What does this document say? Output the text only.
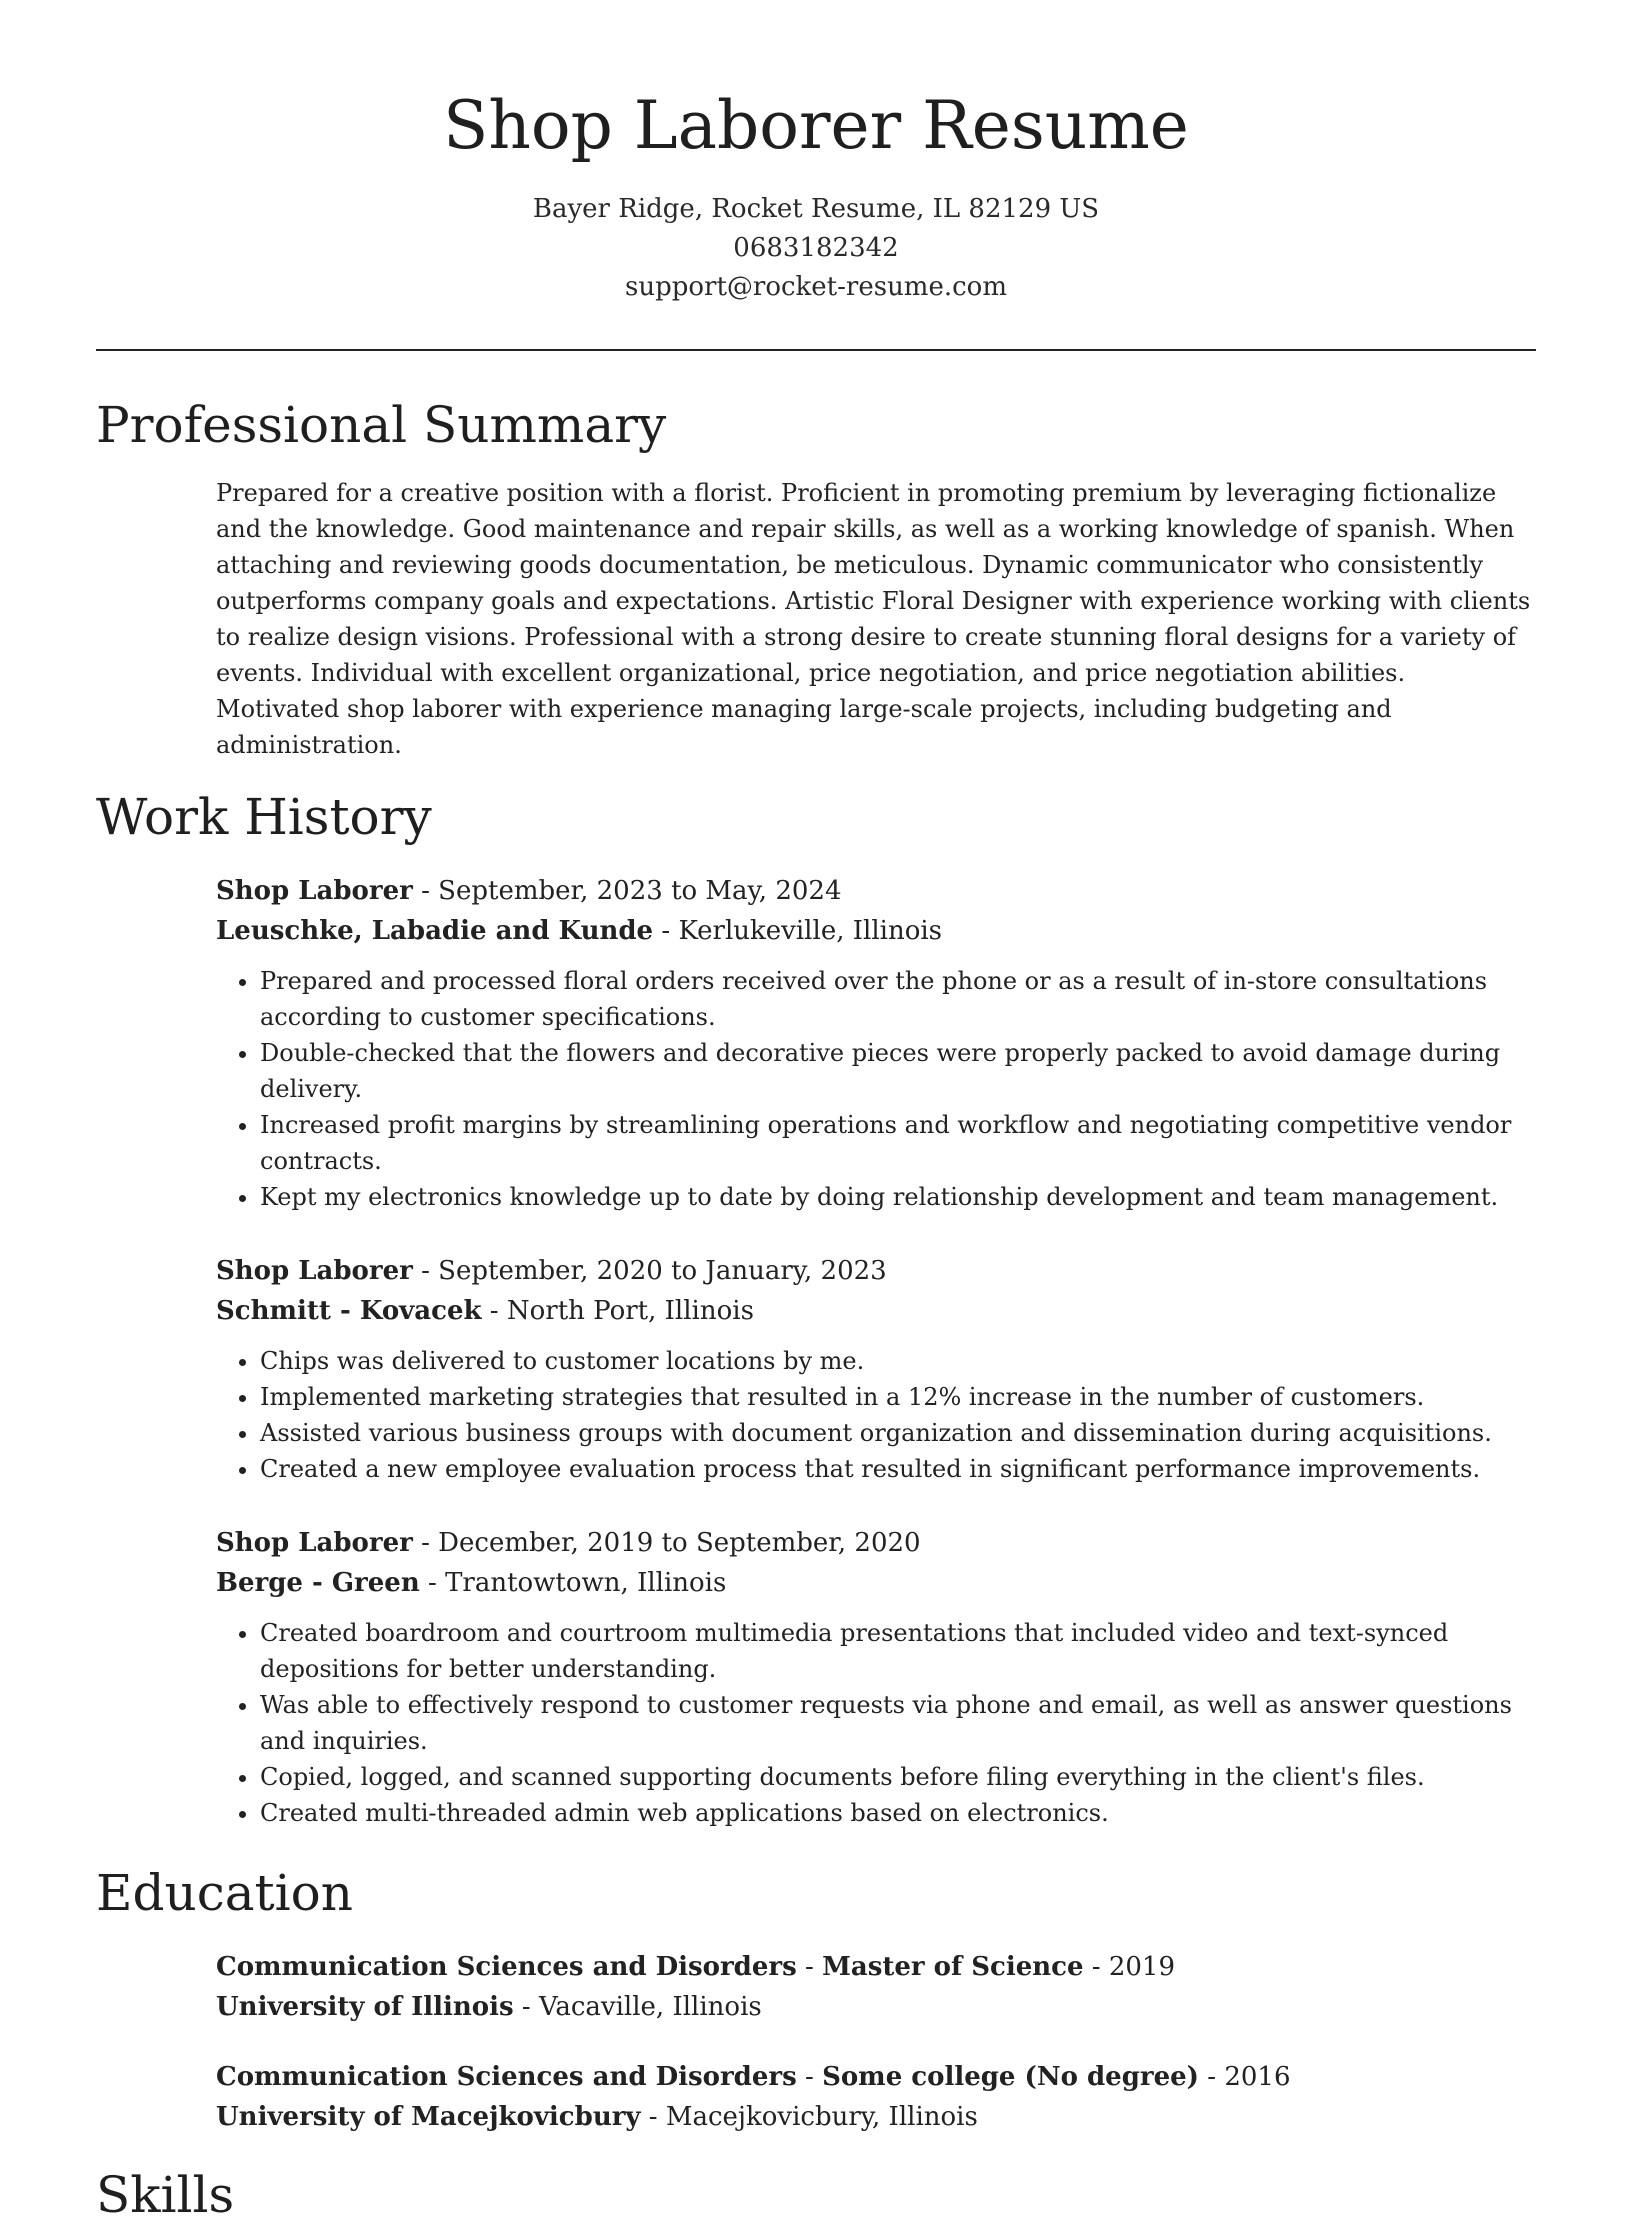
Shop Laborer Resume
Bayer Ridge, Rocket Resume, IL 82129 US
0683182342
support@rocket-resume.com
Professional Summary

Prepared for a creative position with a florist. Proficient in promoting premium by leveraging fictionalize and the knowledge. Good maintenance and repair skills, as well as a working knowledge of spanish. When attaching and reviewing goods documentation, be meticulous. Dynamic communicator who consistently outperforms company goals and expectations. Artistic Floral Designer with experience working with clients to realize design visions. Professional with a strong desire to create stunning floral designs for a variety of events. Individual with excellent organizational, price negotiation, and price negotiation abilities. Motivated shop laborer with experience managing large-scale projects, including budgeting and administration.

Work History
Shop Laborer - September, 2023 to May, 2024
Leuschke, Labadie and Kunde - Kerlukeville, Illinois
• Prepared and processed floral orders received over the phone or as a result of in-store consultations according to customer specifications.
• Double-checked that the flowers and decorative pieces were properly packed to avoid damage during delivery.
• Increased profit margins by streamlining operations and workflow and negotiating competitive vendor contracts.
• Kept my electronics knowledge up to date by doing relationship development and team management.
Shop Laborer - September, 2020 to January, 2023
Schmitt - Kovacek - North Port, Illinois
• Chips was delivered to customer locations by me.
• Implemented marketing strategies that resulted in a 12% increase in the number of customers.
• Assisted various business groups with document organization and dissemination during acquisitions.
• Created a new employee evaluation process that resulted in significant performance improvements.
Shop Laborer - December, 2019 to September, 2020
Berge - Green - Trantowtown, Illinois
• Created boardroom and courtroom multimedia presentations that included video and text-synced depositions for better understanding.
• Was able to effectively respond to customer requests via phone and email, as well as answer questions and inquiries.
• Copied, logged, and scanned supporting documents before filing everything in the client's files.
• Created multi-threaded admin web applications based on electronics.
Education
Communication Sciences and Disorders - Master of Science - 2019
University of Illinois - Vacaville, Illinois
Communication Sciences and Disorders - Some college (No degree) - 2016
University of Macejkovicbury - Macejkovicbury, Illinois
Skills
